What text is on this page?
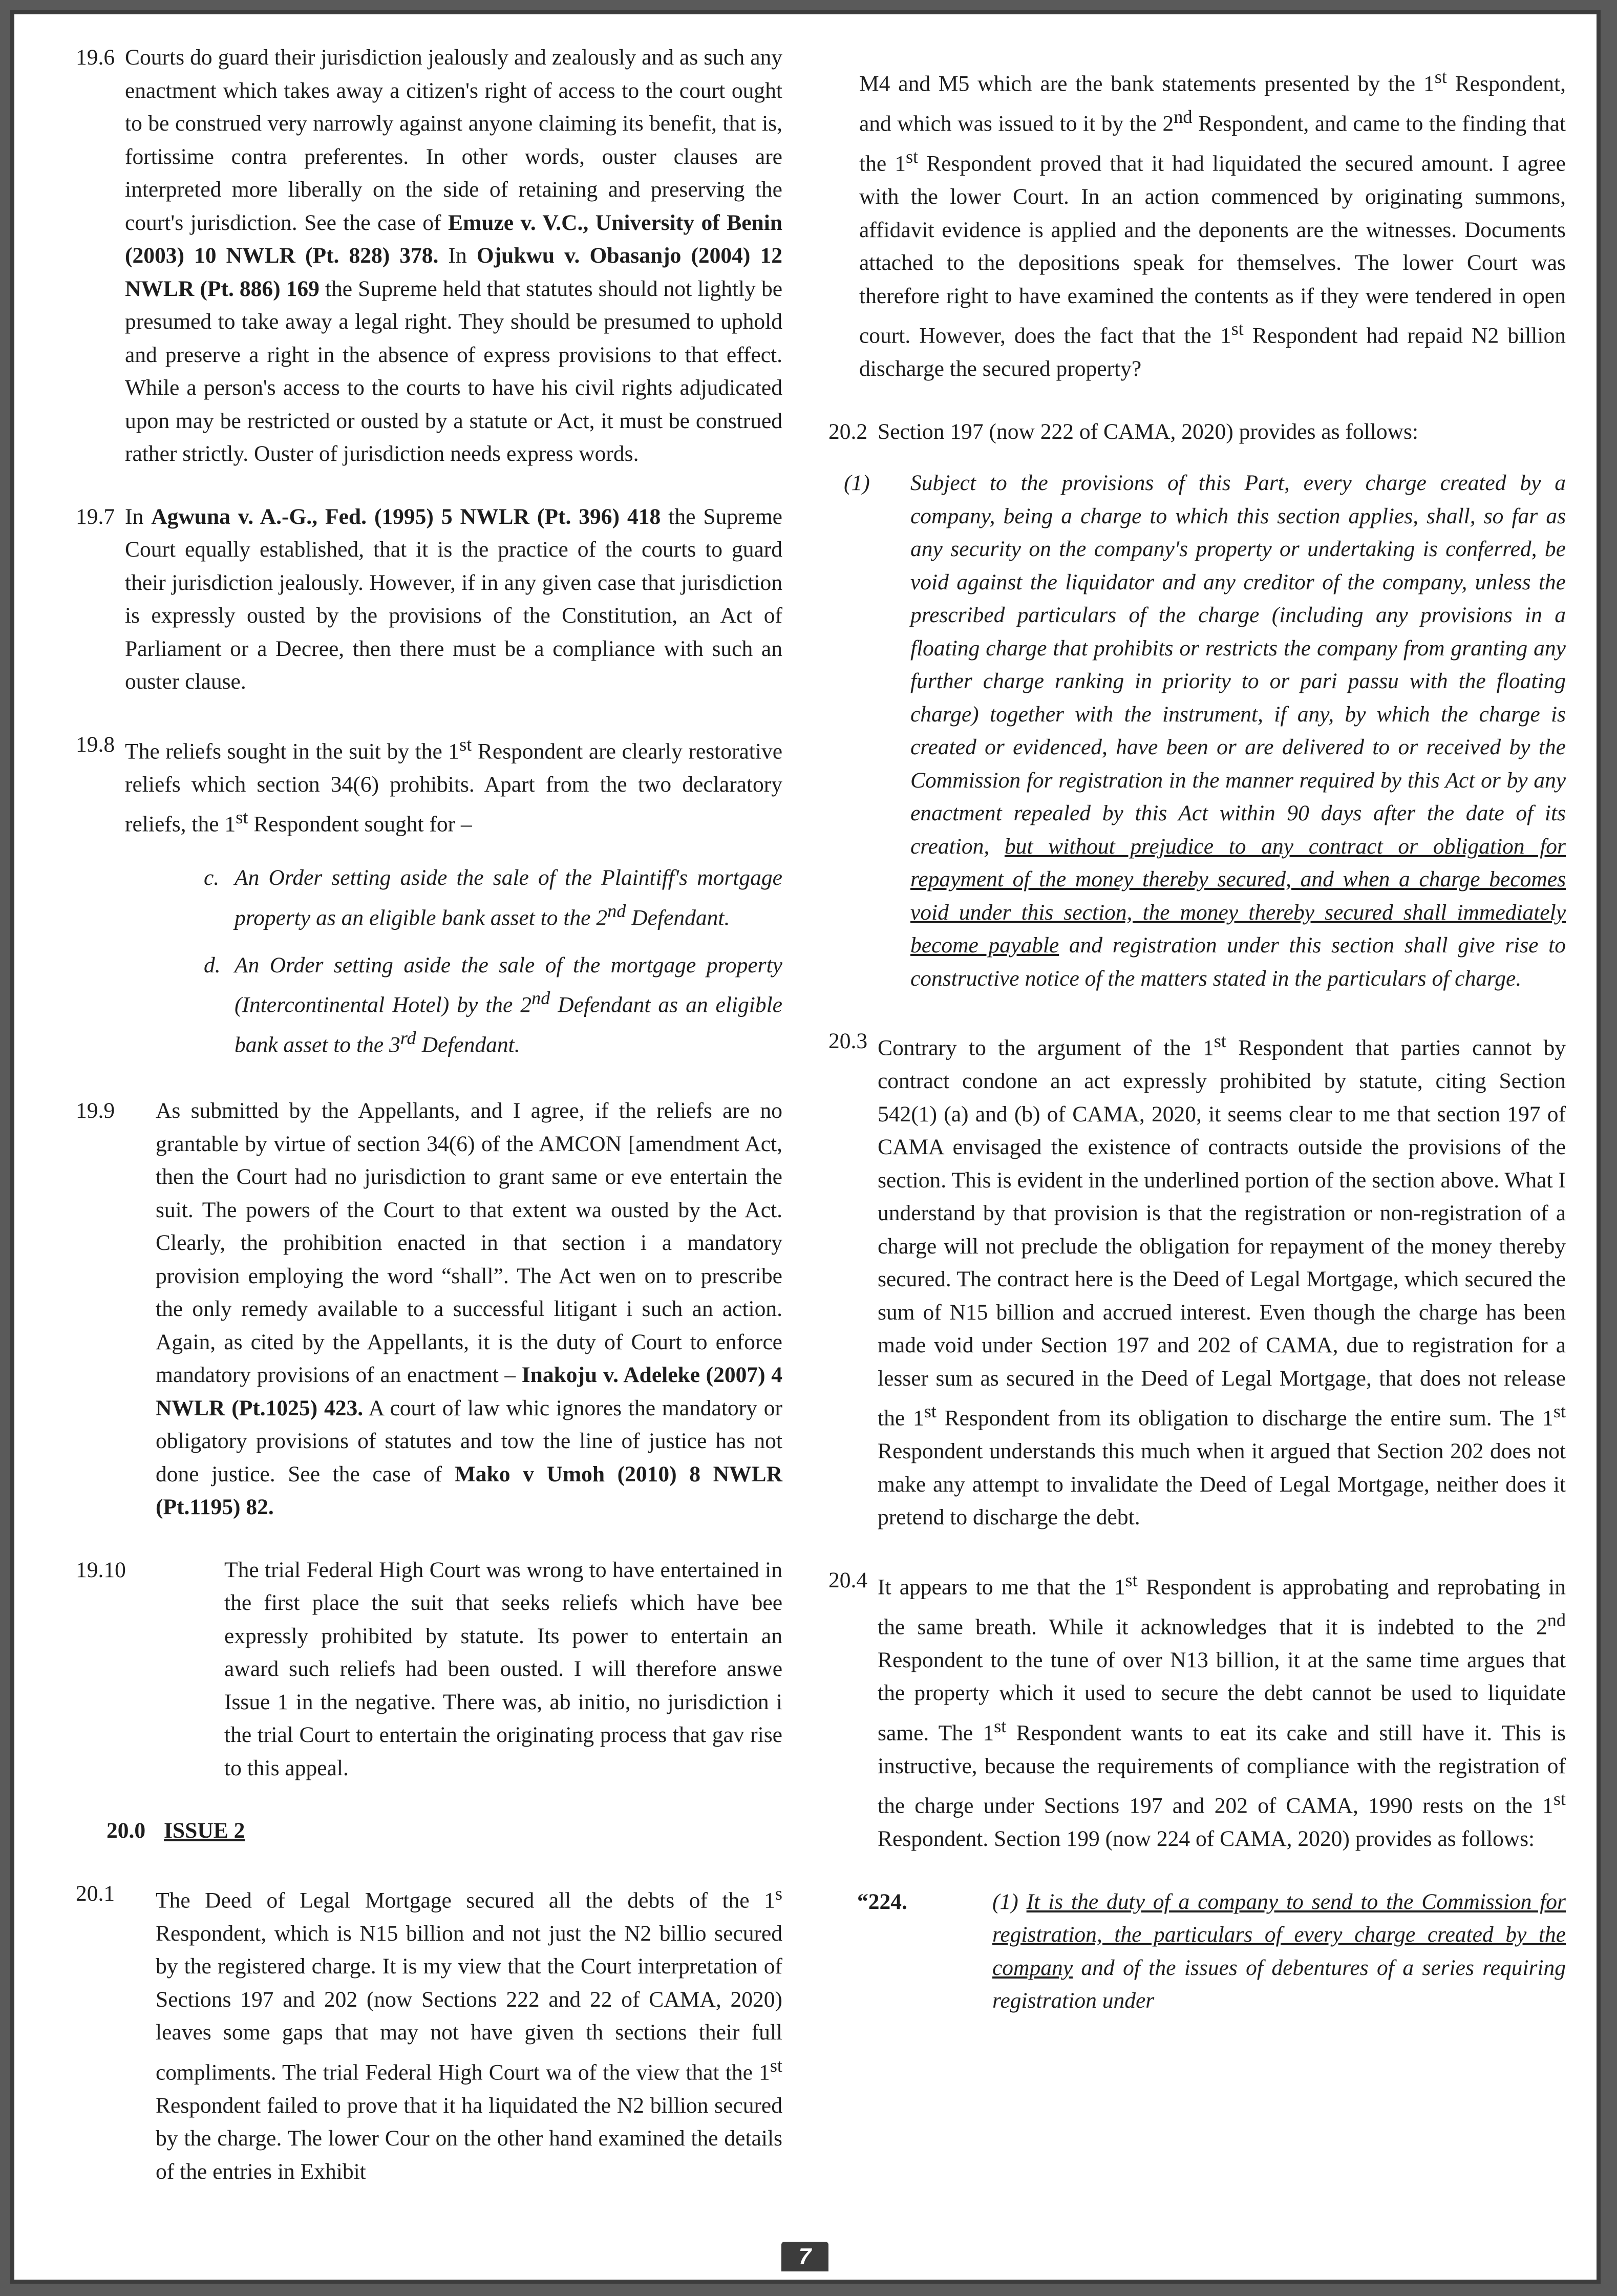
19.6 Courts do guard their jurisdiction jealously and zealously and as such any enactment which takes away a citizen's right of access to the court ought to be construed very narrowly against anyone claiming its benefit, that is, fortissime contra preferentes. In other words, ouster clauses are interpreted more liberally on the side of retaining and preserving the court's jurisdiction. See the case of Emuze v. V.C., University of Benin (2003) 10 NWLR (Pt. 828) 378. In Ojukwu v. Obasanjo (2004) 12 NWLR (Pt. 886) 169 the Supreme held that statutes should not lightly be presumed to take away a legal right. They should be presumed to uphold and preserve a right in the absence of express provisions to that effect. While a person's access to the courts to have his civil rights adjudicated upon may be restricted or ousted by a statute or Act, it must be construed rather strictly. Ouster of jurisdiction needs express words.
19.7 In Agwuna v. A.-G., Fed. (1995) 5 NWLR (Pt. 396) 418 the Supreme Court equally established, that it is the practice of the courts to guard their jurisdiction jealously. However, if in any given case that jurisdiction is expressly ousted by the provisions of the Constitution, an Act of Parliament or a Decree, then there must be a compliance with such an ouster clause.
19.8 The reliefs sought in the suit by the 1st Respondent are clearly restorative reliefs which section 34(6) prohibits. Apart from the two declaratory reliefs, the 1st Respondent sought for –
c. An Order setting aside the sale of the Plaintiff's mortgage property as an eligible bank asset to the 2nd Defendant.
d. An Order setting aside the sale of the mortgage property (Intercontinental Hotel) by the 2nd Defendant as an eligible bank asset to the 3rd Defendant.
19.9	As submitted by the Appellants, and I agree, if the reliefs are no grantable by virtue of section 34(6) of the AMCON [amendment Act, then the Court had no jurisdiction to grant same or eve entertain the suit. The powers of the Court to that extent wa ousted by the Act. Clearly, the prohibition enacted in that section i a mandatory provision employing the word “shall”. The Act wen on to prescribe the only remedy available to a successful litigant i such an action. Again, as cited by the Appellants, it is the duty of Court to enforce mandatory provisions of an enactment – Inakoju v. Adeleke (2007) 4 NWLR (Pt.1025) 423. A court of law whic ignores the mandatory or obligatory provisions of statutes and tow the line of justice has not done justice. See the case of Mako v Umoh (2010) 8 NWLR (Pt.1195) 82.
19.10	The trial Federal High Court was wrong to have entertained in the first place the suit that seeks reliefs which have bee expressly prohibited by statute. Its power to entertain an award such reliefs had been ousted. I will therefore answe Issue 1 in the negative. There was, ab initio, no jurisdiction i the trial Court to entertain the originating process that gav rise to this appeal.
20.0 ISSUE 2
20.1	The Deed of Legal Mortgage secured all the debts of the 1$^s$ Respondent, which is N15 billion and not just the N2 billio secured by the registered charge. It is my view that the Court interpretation of Sections 197 and 202 (now Sections 222 and 22 of CAMA, 2020) leaves some gaps that may not have given th sections their full compliments. The trial Federal High Court wa of the view that the 1st Respondent failed to prove that it ha liquidated the N2 billion secured by the charge. The lower Cour on the other hand examined the details of the entries in Exhibit
M4 and M5 which are the bank statements presented by the 1st Respondent, and which was issued to it by the 2nd Respondent, and came to the finding that the 1st Respondent proved that it had liquidated the secured amount. I agree with the lower Court. In an action commenced by originating summons, affidavit evidence is applied and the deponents are the witnesses. Documents attached to the depositions speak for themselves. The lower Court was therefore right to have examined the contents as if they were tendered in open court. However, does the fact that the 1st Respondent had repaid N2 billion discharge the secured property?
20.2 Section 197 (now 222 of CAMA, 2020) provides as follows:
(1) Subject to the provisions of this Part, every charge created by a company, being a charge to which this section applies, shall, so far as any security on the company's property or undertaking is conferred, be void against the liquidator and any creditor of the company, unless the prescribed particulars of the charge (including any provisions in a floating charge that prohibits or restricts the company from granting any further charge ranking in priority to or pari passu with the floating charge) together with the instrument, if any, by which the charge is created or evidenced, have been or are delivered to or received by the Commission for registration in the manner required by this Act or by any enactment repealed by this Act within 90 days after the date of its creation, but without prejudice to any contract or obligation for repayment of the money thereby secured, and when a charge becomes void under this section, the money thereby secured shall immediately become payable and registration under this section shall give rise to constructive notice of the matters stated in the particulars of charge.
20.3 Contrary to the argument of the 1st Respondent that parties cannot by contract condone an act expressly prohibited by statute, citing Section 542(1) (a) and (b) of CAMA, 2020, it seems clear to me that section 197 of CAMA envisaged the existence of contracts outside the provisions of the section. This is evident in the underlined portion of the section above. What I understand by that provision is that the registration or non-registration of a charge will not preclude the obligation for repayment of the money thereby secured. The contract here is the Deed of Legal Mortgage, which secured the sum of N15 billion and accrued interest. Even though the charge has been made void under Section 197 and 202 of CAMA, due to registration for a lesser sum as secured in the Deed of Legal Mortgage, that does not release the 1st Respondent from its obligation to discharge the entire sum. The 1st Respondent understands this much when it argued that Section 202 does not make any attempt to invalidate the Deed of Legal Mortgage, neither does it pretend to discharge the debt.
20.4 It appears to me that the 1st Respondent is approbating and reprobating in the same breath. While it acknowledges that it is indebted to the 2nd Respondent to the tune of over N13 billion, it at the same time argues that the property which it used to secure the debt cannot be used to liquidate same. The 1st Respondent wants to eat its cake and still have it. This is instructive, because the requirements of compliance with the registration of the charge under Sections 197 and 202 of CAMA, 1990 rests on the 1st Respondent. Section 199 (now 224 of CAMA, 2020) provides as follows:
“224.	(1) It is the duty of a company to send to the Commission for registration, the particulars of every charge created by the company and of the issues of debentures of a series requiring registration under
7
